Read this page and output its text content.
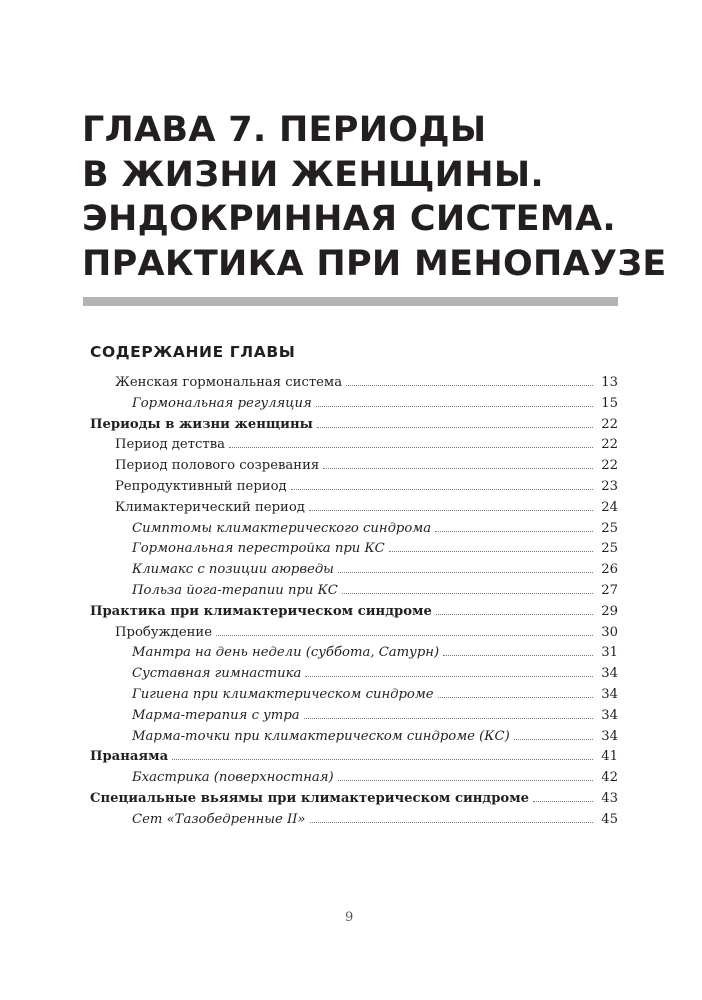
ГЛАВА 7. ПЕРИОДЫ
В ЖИЗНИ ЖЕНЩИНЫ.
ЭНДОКРИННАЯ СИСТЕМА.
ПРАКТИКА ПРИ МЕНОПАУЗЕ
СОДЕРЖАНИЕ ГЛАВЫ
Женская гормональная система	13
Гормональная регуляция	15
Периоды в жизни женщины	22
Период детства	22
Период полового созревания	22
Репродуктивный период	23
Климактерический период	24
Симптомы климактерического синдрома	25
Гормональная перестройка при КС	25
Климакс с позиции аюрведы	26
Польза йога-терапии при КС	27
Практика при климактерическом синдроме	29
Пробуждение	30
Мантра на день недели (суббота, Сатурн)	31
Суставная гимнастика	34
Гигиена при климактерическом синдроме	34
Марма-терапия с утра	34
Марма-точки при климактерическом синдроме (КС)	34
Пранаяма	41
Бхастрика (поверхностная)	42
Специальные вьяямы при климактерическом синдроме	43
Сет «Тазобедренные II»	45
9
